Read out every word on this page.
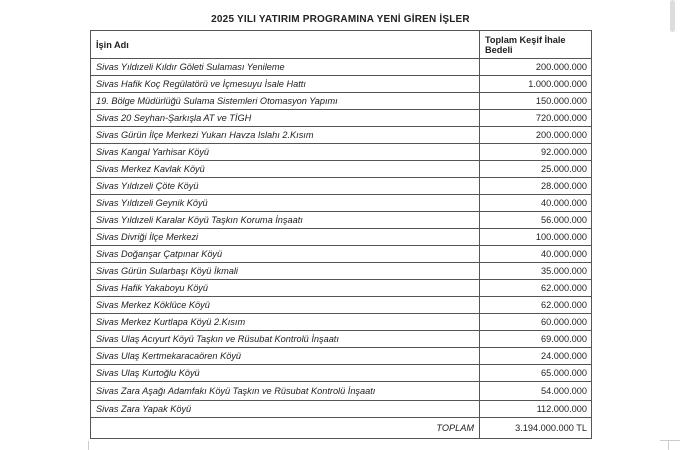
2025 YILI YATIRIM PROGRAMINA YENİ GİREN İŞLER
İşin Adı	Toplam Keşif İhale Bedeli
Sivas Yıldızeli Kıldır Göleti Sulaması Yenileme	200.000.000
Sivas Hafik Koç Regülatörü ve İçmesuyu İsale Hattı	1.000.000.000
19. Bölge Müdürlüğü Sulama Sistemleri Otomasyon Yapımı	150.000.000
Sivas 20 Seyhan-Şarkışla AT ve TİGH	720.000.000
Sivas Gürün İlçe Merkezi Yukarı Havza Islahı 2.Kısım	200.000.000
Sivas Kangal Yarhisar Köyü	92.000.000
Sivas Merkez Kavlak Köyü	25.000.000
Sivas Yıldızeli Çöte Köyü	28.000.000
Sivas Yıldızeli Geynik Köyü	40.000.000
Sivas Yıldızeli Karalar Köyü Taşkın Koruma İnşaatı	56.000.000
Sivas Divriği İlçe Merkezi	100.000.000
Sivas Doğanşar Çatpınar Köyü	40.000.000
Sivas Gürün Sularbaşı Köyü İkmali	35.000.000
Sivas Hafik Yakaboyu Köyü	62.000.000
Sivas Merkez Köklüce Köyü	62.000.000
Sivas Merkez Kurtlapa Köyü 2.Kısım	60.000.000
Sivas Ulaş Acıyurt Köyü Taşkın ve Rüsubat Kontrolü İnşaatı	69.000.000
Sivas Ulaş Kertmekaracaören Köyü	24.000.000
Sivas Ulaş Kurtoğlu Köyü	65.000.000
Sivas Zara Aşağı Adamfakı Köyü Taşkın ve Rüsubat Kontrolü İnşaatı	54.000.000
Sivas Zara Yapak Köyü	112.000.000
TOPLAM	3.194.000.000 TL
